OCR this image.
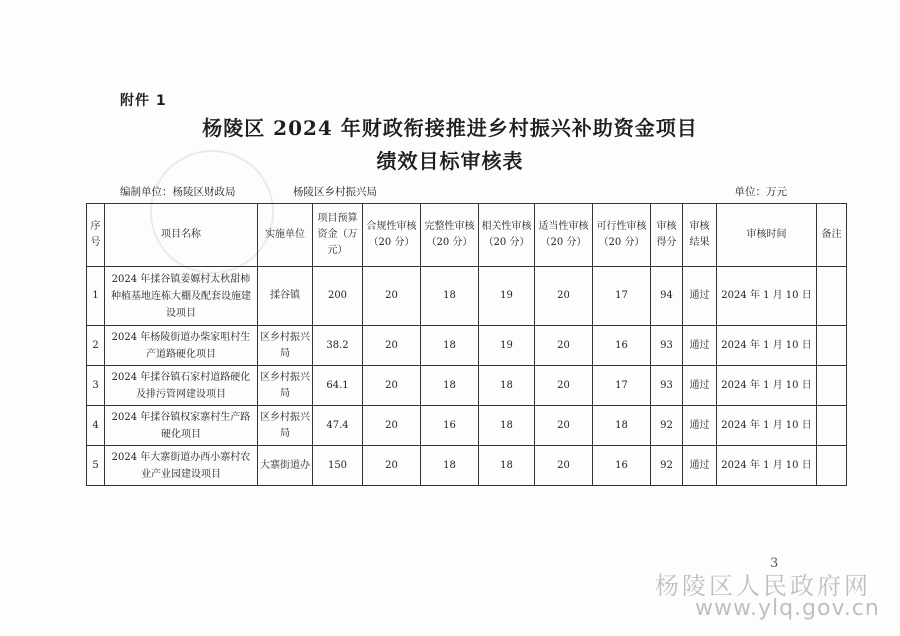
附件 1
杨陵区 2024 年财政衔接推进乡村振兴补助资金项目
绩效目标审核表
编制单位：杨陵区财政局	杨陵区乡村振兴局	单位：万元
序号	项目名称	实施单位	项目预算资金（万元）	合规性审核（20 分）	完整性审核（20 分）	相关性审核（20 分）	适当性审核（20 分）	可行性审核（20 分）	审核得分	审核结果	审核时间	备注
1	2024 年揉谷镇姜嫄村太秋甜柿种植基地连栋大棚及配套设施建设项目	揉谷镇	200	20	18	19	20	17	94	通过	2024 年 1 月 10 日	
2	2024 年杨陵街道办柴家咀村生产道路硬化项目	区乡村振兴局	38.2	20	18	19	20	16	93	通过	2024 年 1 月 10 日	
3	2024 年揉谷镇石家村道路硬化及排污管网建设项目	区乡村振兴局	64.1	20	18	18	20	17	93	通过	2024 年 1 月 10 日	
4	2024 年揉谷镇权家寨村生产路硬化项目	区乡村振兴局	47.4	20	16	18	20	18	92	通过	2024 年 1 月 10 日	
5	2024 年大寨街道办西小寨村农业产业园建设项目	大寨街道办	150	20	18	18	20	16	92	通过	2024 年 1 月 10 日	
3
杨陵区人民政府网
www.ylq.gov.cn
